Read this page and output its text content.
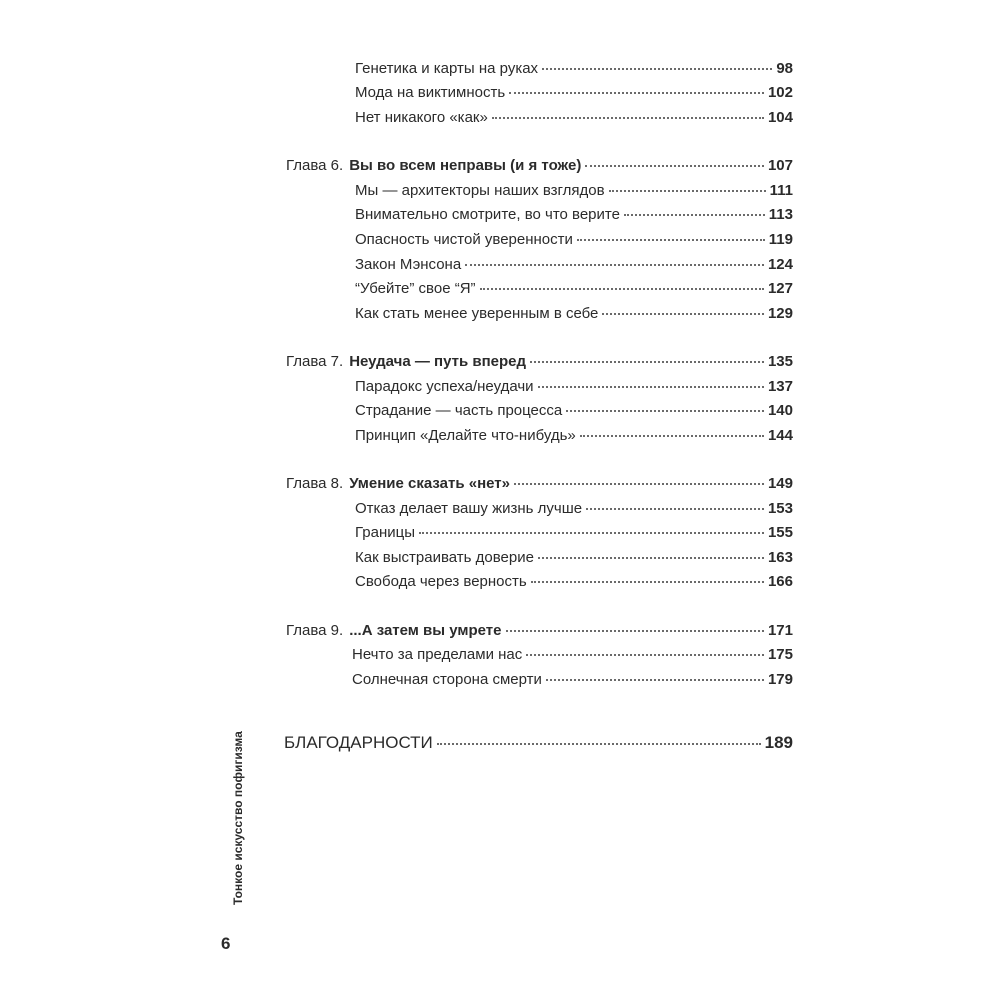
Генетика и карты на руках	98
Мода на виктимность	102
Нет никакого «как»	104
Глава 6. Вы во всем неправы (и я тоже)	107
Мы — архитекторы наших взглядов	111
Внимательно смотрите, во что верите	113
Опасность чистой уверенности	119
Закон Мэнсона	124
“Убейте” свое “Я”	127
Как стать менее уверенным в себе	129
Глава 7. Неудача — путь вперед	135
Парадокс успеха/неудачи	137
Страдание — часть процесса	140
Принцип «Делайте что-нибудь»	144
Глава 8. Умение сказать «нет»	149
Отказ делает вашу жизнь лучше	153
Границы	155
Как выстраивать доверие	163
Свобода через верность	166
Глава 9. ...А затем вы умрете	171
Нечто за пределами нас	175
Солнечная сторона смерти	179
БЛАГОДАРНОСТИ	189
Тонкое искусство пофигизма
6
